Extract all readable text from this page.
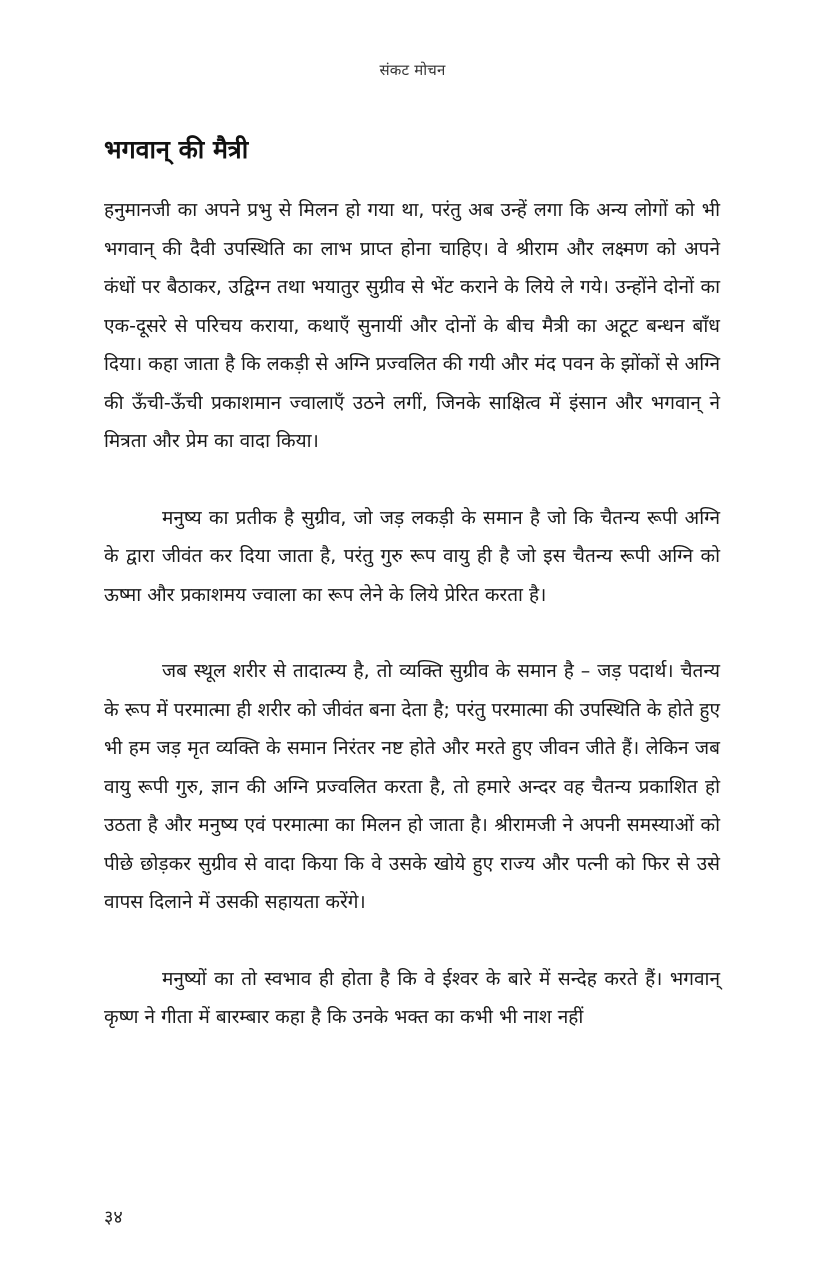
संकट मोचन
भगवान् की मैत्री

हनुमानजी का अपने प्रभु से मिलन हो गया था, परंतु अब उन्हें लगा कि अन्य लोगों को भी भगवान् की दैवी उपस्थिति का लाभ प्राप्त होना चाहिए। वे श्रीराम और लक्ष्मण को अपने कंधों पर बैठाकर, उद्विग्न तथा भयातुर सुग्रीव से भेंट कराने के लिये ले गये। उन्होंने दोनों का एक-दूसरे से परिचय कराया, कथाएँ सुनायीं और दोनों के बीच मैत्री का अटूट बन्धन बाँध दिया। कहा जाता है कि लकड़ी से अग्नि प्रज्वलित की गयी और मंद पवन के झोंकों से अग्नि की ऊँची-ऊँची प्रकाशमान ज्वालाएँ उठने लगीं, जिनके साक्षित्व में इंसान और भगवान् ने मित्रता और प्रेम का वादा किया।

मनुष्य का प्रतीक है सुग्रीव, जो जड़ लकड़ी के समान है जो कि चैतन्य रूपी अग्नि के द्वारा जीवंत कर दिया जाता है, परंतु गुरु रूप वायु ही है जो इस चैतन्य रूपी अग्नि को ऊष्मा और प्रकाशमय ज्वाला का रूप लेने के लिये प्रेरित करता है।

जब स्थूल शरीर से तादात्म्य है, तो व्यक्ति सुग्रीव के समान है – जड़ पदार्थ। चैतन्य के रूप में परमात्मा ही शरीर को जीवंत बना देता है; परंतु परमात्मा की उपस्थिति के होते हुए भी हम जड़ मृत व्यक्ति के समान निरंतर नष्ट होते और मरते हुए जीवन जीते हैं। लेकिन जब वायु रूपी गुरु, ज्ञान की अग्नि प्रज्वलित करता है, तो हमारे अन्दर वह चैतन्य प्रकाशित हो उठता है और मनुष्य एवं परमात्मा का मिलन हो जाता है। श्रीरामजी ने अपनी समस्याओं को पीछे छोड़कर सुग्रीव से वादा किया कि वे उसके खोये हुए राज्य और पत्नी को फिर से उसे वापस दिलाने में उसकी सहायता करेंगे।

मनुष्यों का तो स्वभाव ही होता है कि वे ईश्वर के बारे में सन्देह करते हैं। भगवान् कृष्ण ने गीता में बारम्बार कहा है कि उनके भक्त का कभी भी नाश नहीं

३४
